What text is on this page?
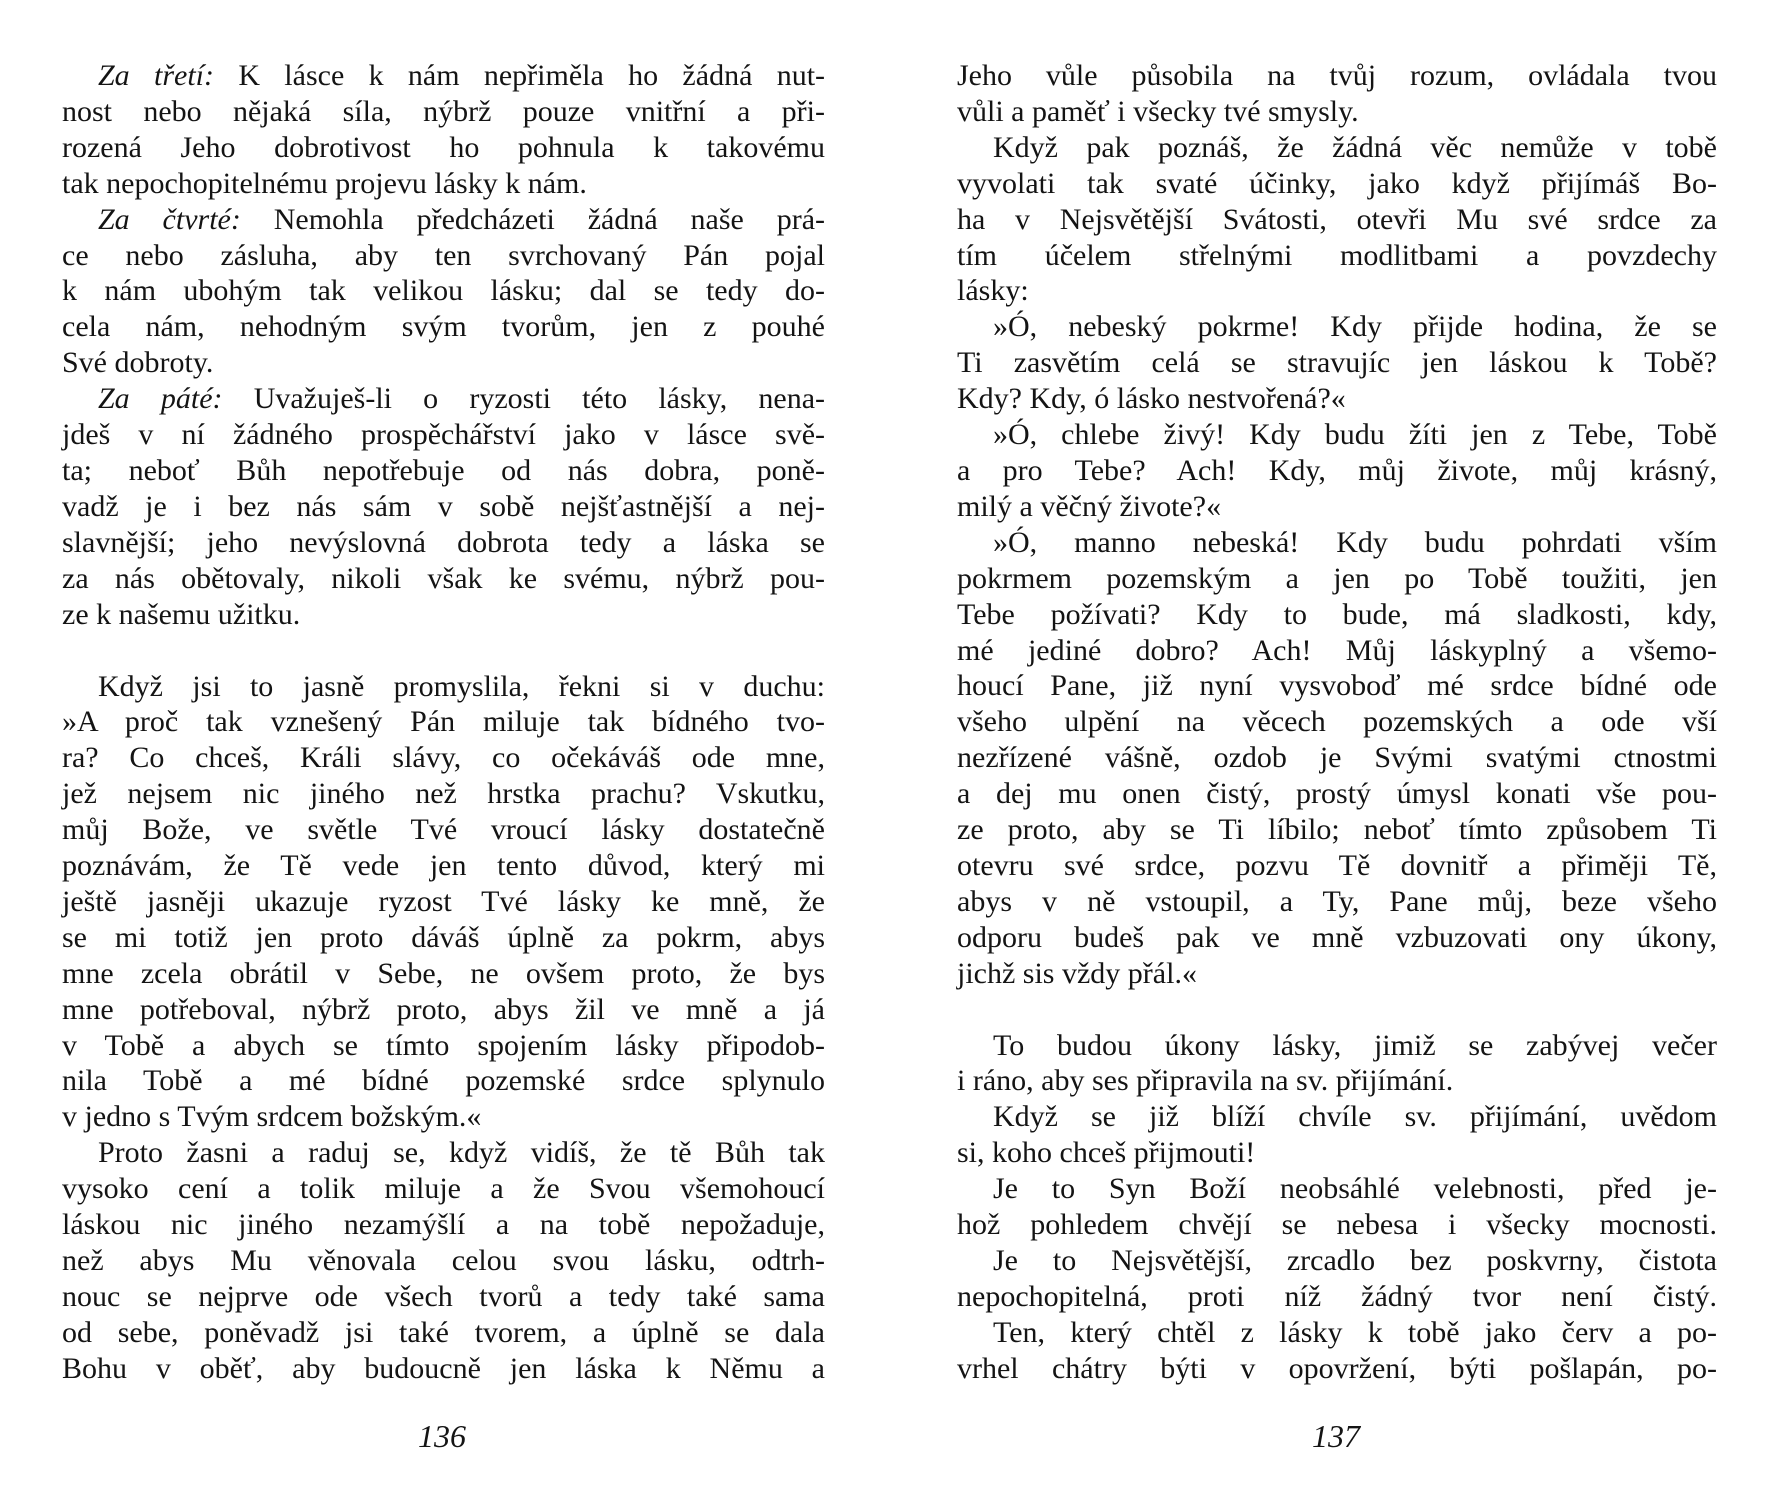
Za třetí: K lásce k nám nepřiměla ho žádná nut-
nost nebo nějaká síla, nýbrž pouze vnitřní a při-
rozená Jeho dobrotivost ho pohnula k takovému
tak nepochopitelnému projevu lásky k nám.
Za čtvrté: Nemohla předcházeti žádná naše prá-
ce nebo zásluha, aby ten svrchovaný Pán pojal
k nám ubohým tak velikou lásku; dal se tedy do-
cela nám, nehodným svým tvorům, jen z pouhé
Své dobroty.
Za páté: Uvažuješ-li o ryzosti této lásky, nena-
jdeš v ní žádného prospěchářství jako v lásce svě-
ta; neboť Bůh nepotřebuje od nás dobra, poně-
vadž je i bez nás sám v sobě nejšťastnější a nej-
slavnější; jeho nevýslovná dobrota tedy a láska se
za nás obětovaly, nikoli však ke svému, nýbrž pou-
ze k našemu užitku.
Když jsi to jasně promyslila, řekni si v duchu:
»A proč tak vznešený Pán miluje tak bídného tvo-
ra? Co chceš, Králi slávy, co očekáváš ode mne,
jež nejsem nic jiného než hrstka prachu? Vskutku,
můj Bože, ve světle Tvé vroucí lásky dostatečně
poznávám, že Tě vede jen tento důvod, který mi
ještě jasněji ukazuje ryzost Tvé lásky ke mně, že
se mi totiž jen proto dáváš úplně za pokrm, abys
mne zcela obrátil v Sebe, ne ovšem proto, že bys
mne potřeboval, nýbrž proto, abys žil ve mně a já
v Tobě a abych se tímto spojením lásky připodob-
nila Tobě a mé bídné pozemské srdce splynulo
v jedno s Tvým srdcem božským.«
Proto žasni a raduj se, když vidíš, že tě Bůh tak
vysoko cení a tolik miluje a že Svou všemohoucí
láskou nic jiného nezamýšlí a na tobě nepožaduje,
než abys Mu věnovala celou svou lásku, odtrh-
nouc se nejprve ode všech tvorů a tedy také sama
od sebe, poněvadž jsi také tvorem, a úplně se dala
Bohu v oběť, aby budoucně jen láska k Němu a
136
Jeho vůle působila na tvůj rozum, ovládala tvou
vůli a paměť i všecky tvé smysly.
Když pak poznáš, že žádná věc nemůže v tobě
vyvolati tak svaté účinky, jako když přijímáš Bo-
ha v Nejsvětější Svátosti, otevři Mu své srdce za
tím účelem střelnými modlitbami a povzdechy
lásky:
»Ó, nebeský pokrme! Kdy přijde hodina, že se
Ti zasvětím celá se stravujíc jen láskou k Tobě?
Kdy? Kdy, ó lásko nestvořená?«
»Ó, chlebe živý! Kdy budu žíti jen z Tebe, Tobě
a pro Tebe? Ach! Kdy, můj živote, můj krásný,
milý a věčný živote?«
»Ó, manno nebeská! Kdy budu pohrdati vším
pokrmem pozemským a jen po Tobě toužiti, jen
Tebe požívati? Kdy to bude, má sladkosti, kdy,
mé jediné dobro? Ach! Můj láskyplný a všemo-
houcí Pane, již nyní vysvoboď mé srdce bídné ode
všeho ulpění na věcech pozemských a ode vší
nezřízené vášně, ozdob je Svými svatými ctnostmi
a dej mu onen čistý, prostý úmysl konati vše pou-
ze proto, aby se Ti líbilo; neboť tímto způsobem Ti
otevru své srdce, pozvu Tě dovnitř a přiměji Tě,
abys v ně vstoupil, a Ty, Pane můj, beze všeho
odporu budeš pak ve mně vzbuzovati ony úkony,
jichž sis vždy přál.«
To budou úkony lásky, jimiž se zabývej večer
i ráno, aby ses připravila na sv. přijímání.
Když se již blíží chvíle sv. přijímání, uvědom
si, koho chceš přijmouti!
Je to Syn Boží neobsáhlé velebnosti, před je-
hož pohledem chvějí se nebesa i všecky mocnosti.
Je to Nejsvětější, zrcadlo bez poskvrny, čistota
nepochopitelná, proti níž žádný tvor není čistý.
Ten, který chtěl z lásky k tobě jako červ a po-
vrhel chátry býti v opovržení, býti pošlapán, po-
137
